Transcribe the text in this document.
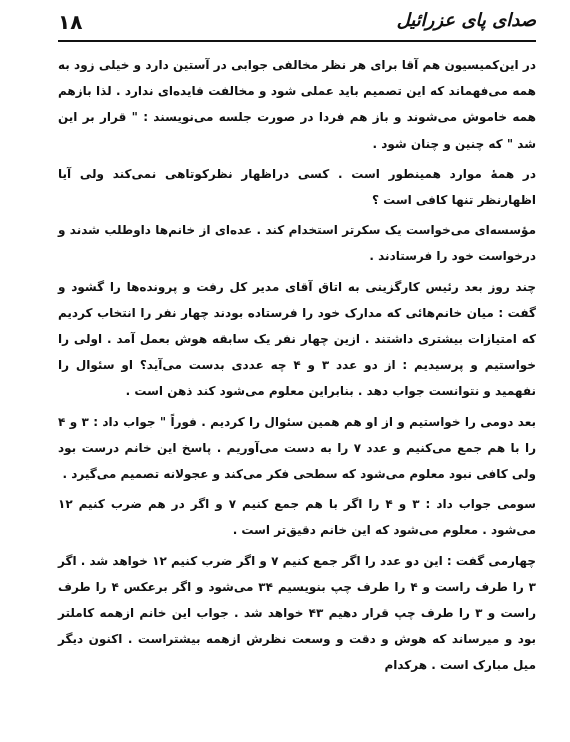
صدای پای عزرائیل
۱۸

در این‌کمیسیون هم آقا برای هر نظر مخالفی جوابی در آستین دارد و خیلی زود به همه می‌فهماند که این تصمیم باید عملی شود و مخالفت فایده‌ای ندارد . لذا بازهم همه خاموش می‌شوند و باز هم فردا در صورت جلسه می‌نویسند : " قرار بر این شد " که چنین و چنان شود .

در همهٔ موارد همینطور است . کسی دراظهار نظرکوتاهی نمی‌کند ولی آیا اظهارنظر تنها کافی است ؟

مؤسسه‌ای می‌خواست یک سکرتر استخدام کند . عده‌ای از خانم‌ها داوطلب شدند و درخواست خود را فرستادند .

چند روز بعد رئیس کارگزینی به اتاق آقای مدیر کل رفت و پرونده‌ها را گشود و گفت : میان خانم‌هائی که مدارک خود را فرستاده بودند چهار نفر را انتخاب کردیم که امتیازات بیشتری داشتند . ازین چهار نفر یک سابقه هوش بعمل آمد . اولی را خواستیم و پرسیدیم : از دو عدد ۳ و ۴ چه عددی بدست می‌آید؟ او سئوال را نفهمید و نتوانست جواب دهد . بنابراین معلوم می‌شود کند ذهن است .

بعد دومی را خواستیم و از او هم همین سئوال را کردیم . فوراً " جواب داد : ۳ و ۴ را با هم جمع می‌کنیم و عدد ۷ را به دست می‌آوریم . پاسخ این خانم درست بود ولی کافی نبود معلوم می‌شود که سطحی فکر می‌کند و عجولانه تصمیم می‌گیرد .

سومی جواب داد : ۳ و ۴ را اگر با هم جمع کنیم ۷ و اگر در هم ضرب کنیم ۱۲ می‌شود . معلوم می‌شود که این خانم دقیق‌تر است .

چهارمی گفت : این دو عدد را اگر جمع کنیم ۷ و اگر ضرب کنیم ۱۲ خواهد شد . اگر ۳ را طرف راست و ۴ را طرف چپ بنویسیم ۳۴ می‌شود و اگر برعکس ۴ را طرف راست و ۳ را طرف چپ قرار دهیم ۴۳ خواهد شد . جواب این خانم ازهمه کاملتر بود و میرساند که هوش و دقت و وسعت نظرش ازهمه بیشتراست . اکنون دیگر میل مبارک است . هرکدام
